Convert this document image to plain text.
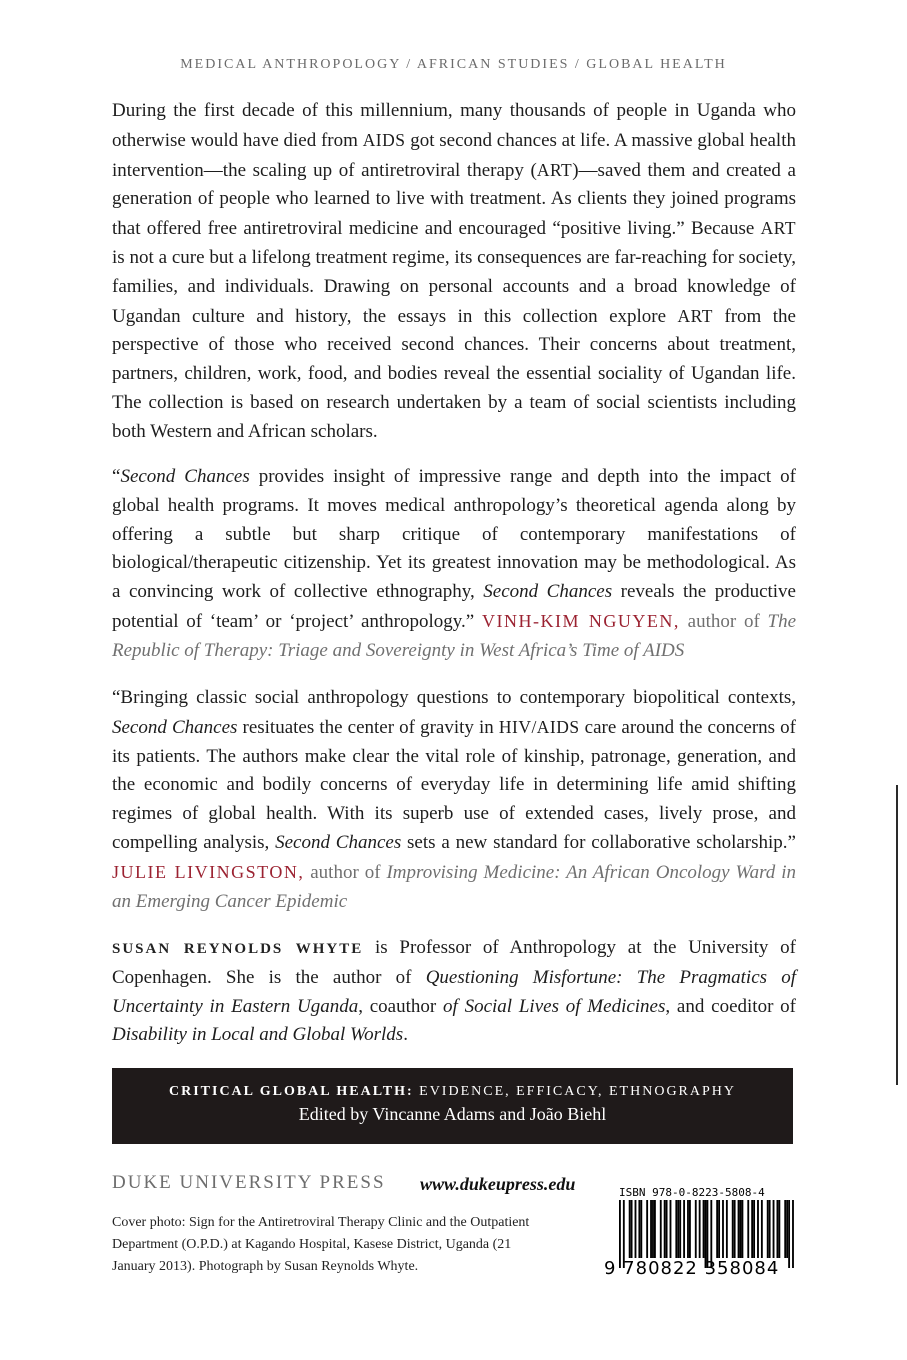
MEDICAL ANTHROPOLOGY / AFRICAN STUDIES / GLOBAL HEALTH
During the first decade of this millennium, many thousands of people in Uganda who otherwise would have died from AIDS got second chances at life. A massive global health intervention—the scaling up of antiretroviral therapy (ART)—saved them and created a generation of people who learned to live with treatment. As clients they joined programs that offered free antiretroviral medicine and encouraged “positive living.” Because ART is not a cure but a lifelong treatment regime, its consequences are far-reaching for society, families, and individuals. Drawing on personal accounts and a broad knowledge of Ugandan culture and history, the essays in this collection explore ART from the perspective of those who received second chances. Their concerns about treatment, partners, children, work, food, and bodies reveal the essential sociality of Ugandan life. The collection is based on research undertaken by a team of social scientists including both Western and African scholars.
“Second Chances provides insight of impressive range and depth into the impact of global health programs. It moves medical anthropology’s theoretical agenda along by offering a subtle but sharp critique of contemporary manifestations of biological/therapeutic citizenship. Yet its greatest innovation may be methodological. As a convincing work of collective ethnography, Second Chances reveals the productive potential of ‘team’ or ‘project’ anthropology.” VINH-KIM NGUYEN, author of The Republic of Therapy: Triage and Sovereignty in West Africa’s Time of AIDS
“Bringing classic social anthropology questions to contemporary biopolitical contexts, Second Chances resituates the center of gravity in HIV/AIDS care around the concerns of its patients. The authors make clear the vital role of kinship, patronage, generation, and the economic and bodily concerns of everyday life in determining life amid shifting regimes of global health. With its superb use of extended cases, lively prose, and compelling analysis, Second Chances sets a new standard for collaborative scholarship.” JULIE LIVINGSTON, author of Improvising Medicine: An African Oncology Ward in an Emerging Cancer Epidemic
SUSAN REYNOLDS WHYTE is Professor of Anthropology at the University of Copenhagen. She is the author of Questioning Misfortune: The Pragmatics of Uncertainty in Eastern Uganda, coauthor of Social Lives of Medicines, and coeditor of Disability in Local and Global Worlds.
CRITICAL GLOBAL HEALTH: EVIDENCE, EFFICACY, ETHNOGRAPHY
Edited by Vincanne Adams and João Biehl
DUKE UNIVERSITY PRESS www.dukeupress.edu
Cover photo: Sign for the Antiretroviral Therapy Clinic and the Outpatient Department (O.P.D.) at Kagando Hospital, Kasese District, Uganda (21 January 2013). Photograph by Susan Reynolds Whyte.
ISBN 978-0-8223-5808-4
9 780822 358084
